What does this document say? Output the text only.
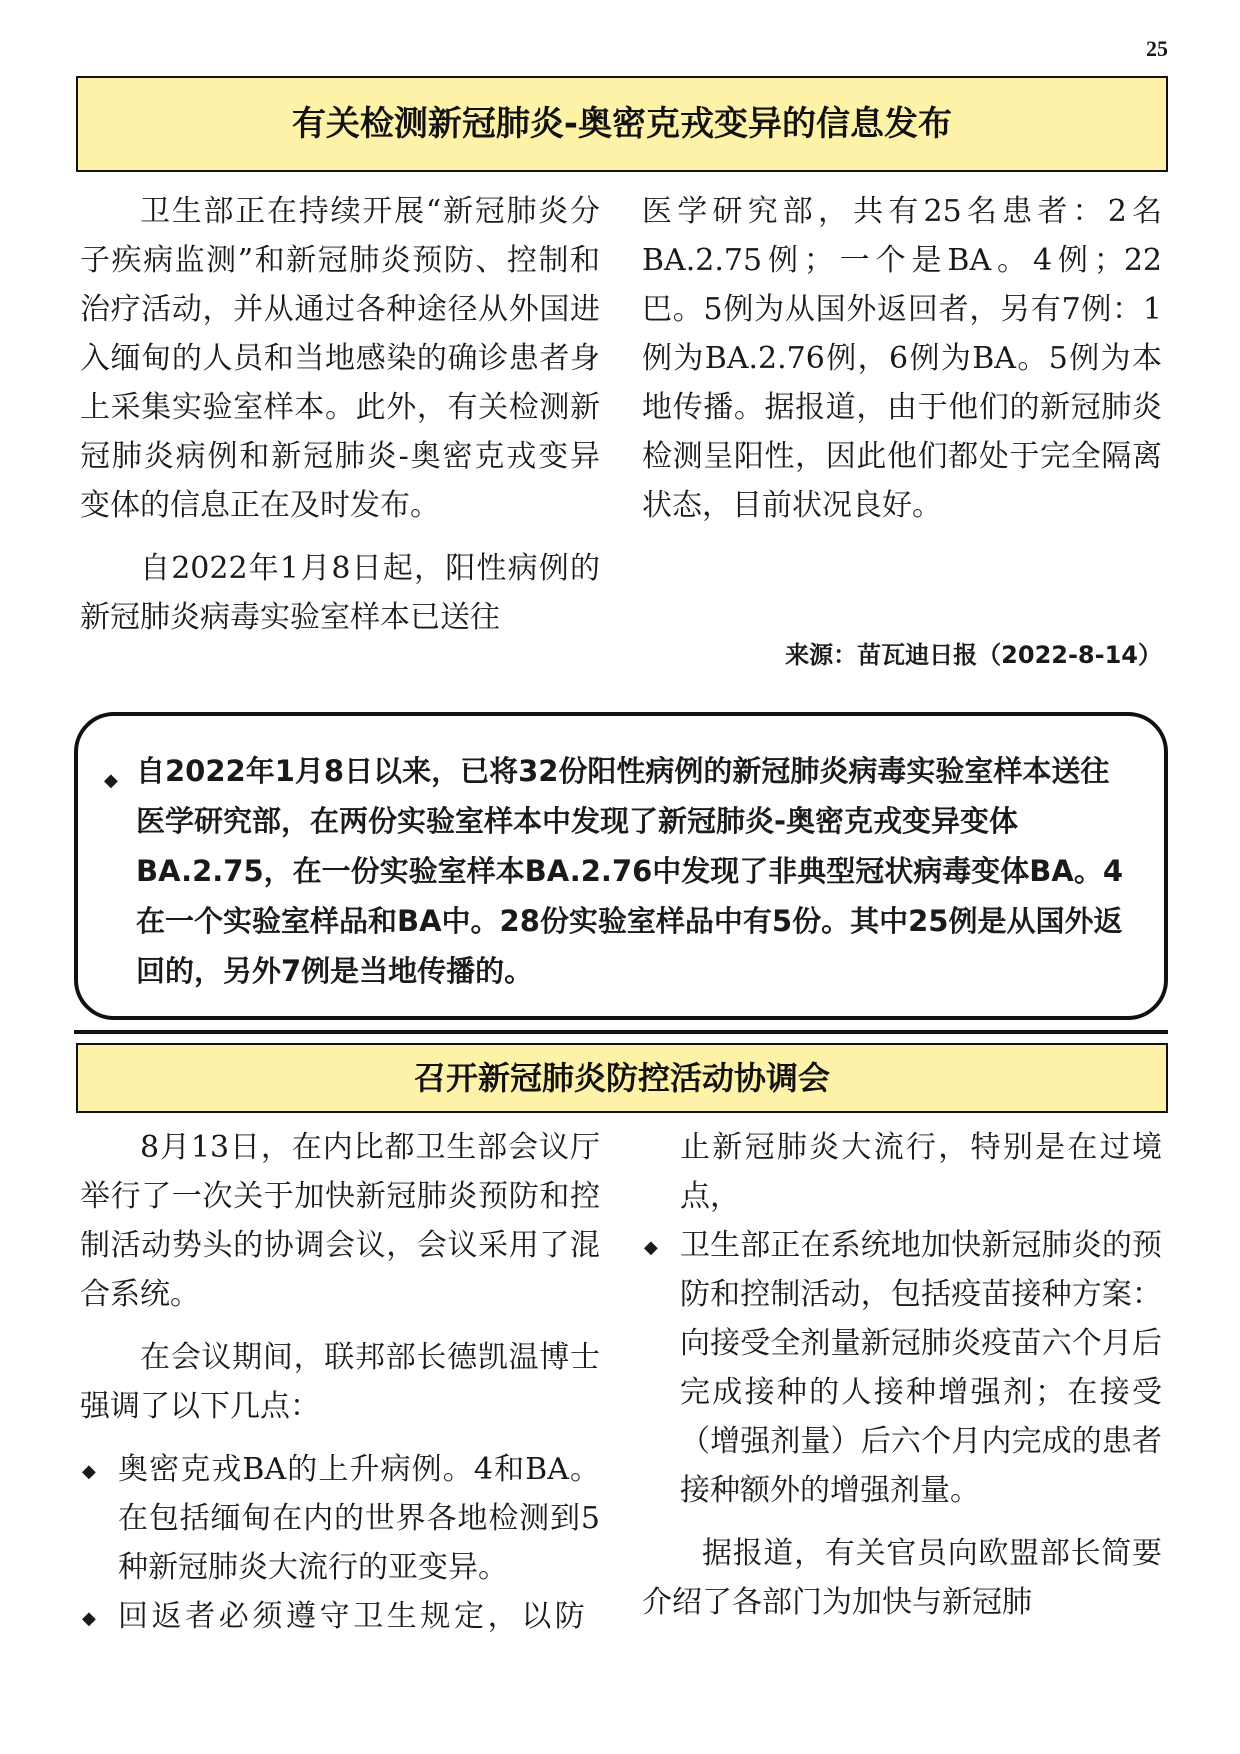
25
有关检测新冠肺炎-奥密克戎变异的信息发布

卫生部正在持续开展“新冠肺炎分子疾病监测”和新冠肺炎预防、控制和治疗活动，并从通过各种途径从外国进入缅甸的人员和当地感染的确诊患者身上采集实验室样本。此外，有关检测新冠肺炎病例和新冠肺炎-奥密克戎变异变体的信息正在及时发布。

自2022年1月8日起，阳性病例的新冠肺炎病毒实验室样本已送往

医学研究部，共有25名患者：2名BA.2.75例；一个是BA。4例；22巴。5例为从国外返回者，另有7例：1例为BA.2.76例，6例为BA。5例为本地传播。据报道，由于他们的新冠肺炎检测呈阳性，因此他们都处于完全隔离状态，目前状况良好。

来源：苗瓦迪日报（2022-8-14）
◆ 自2022年1月8日以来，已将32份阳性病例的新冠肺炎病毒实验室样本送往医学研究部，在两份实验室样本中发现了新冠肺炎-奥密克戎变异变体BA.2.75，在一份实验室样本BA.2.76中发现了非典型冠状病毒变体BA。4在一个实验室样品和BA中。28份实验室样品中有5份。其中25例是从国外返回的，另外7例是当地传播的。
召开新冠肺炎防控活动协调会

8月13日，在内比都卫生部会议厅举行了一次关于加快新冠肺炎预防和控制活动势头的协调会议，会议采用了混合系统。

在会议期间，联邦部长德凯温博士强调了以下几点：

◆ 奥密克戎BA的上升病例。4和BA。在包括缅甸在内的世界各地检测到5种新冠肺炎大流行的亚变异。
◆ 回返者必须遵守卫生规定，以防
止新冠肺炎大流行，特别是在过境点，
◆ 卫生部正在系统地加快新冠肺炎的预防和控制活动，包括疫苗接种方案：向接受全剂量新冠肺炎疫苗六个月后完成接种的人接种增强剂；在接受（增强剂量）后六个月内完成的患者接种额外的增强剂量。

据报道，有关官员向欧盟部长简要介绍了各部门为加快与新冠肺
